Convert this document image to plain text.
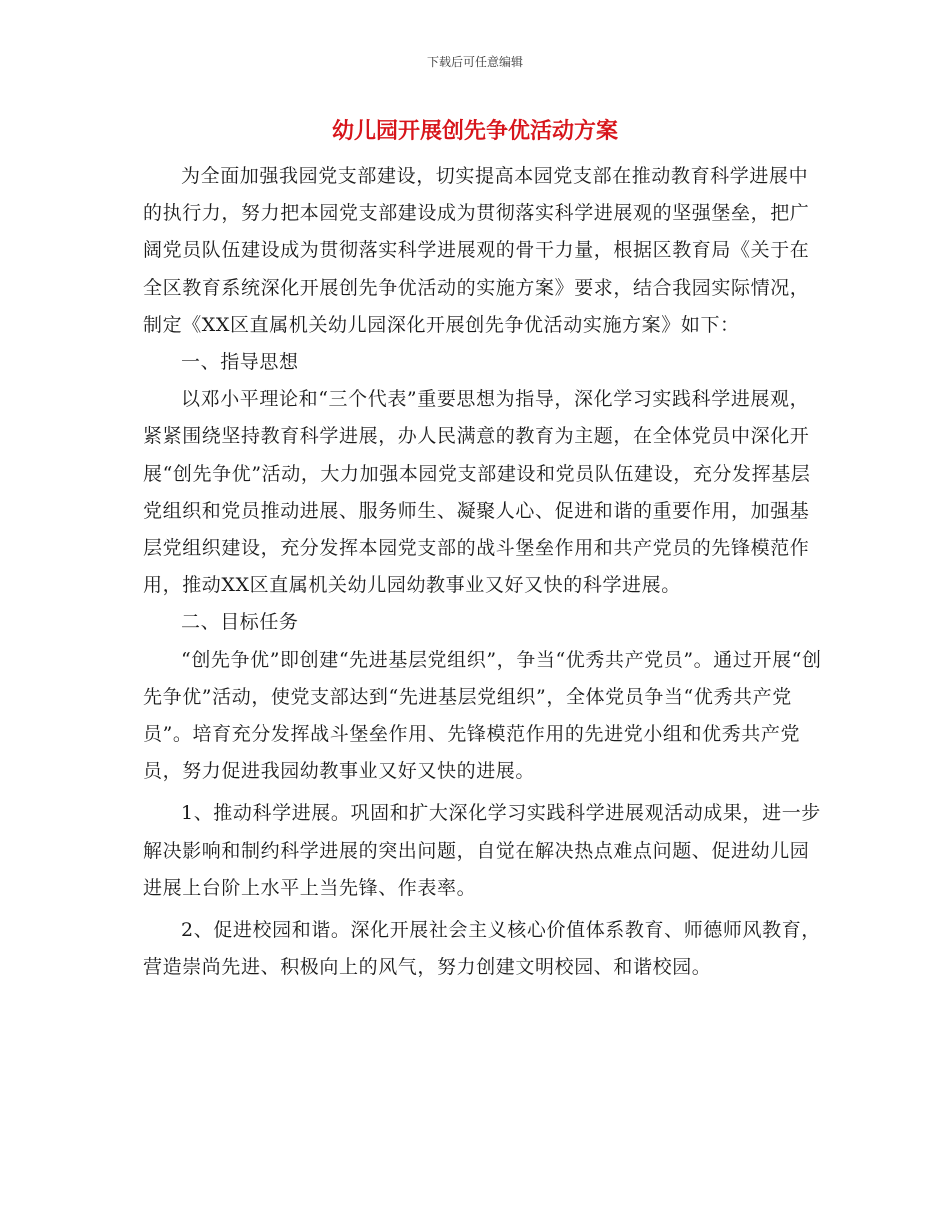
下载后可任意编辑
幼儿园开展创先争优活动方案

为全面加强我园党支部建设，切实提高本园党支部在推动教育科学进展中的执行力，努力把本园党支部建设成为贯彻落实科学进展观的坚强堡垒，把广阔党员队伍建设成为贯彻落实科学进展观的骨干力量，根据区教育局《关于在全区教育系统深化开展创先争优活动的实施方案》要求，结合我园实际情况，制定《XX区直属机关幼儿园深化开展创先争优活动实施方案》如下：

一、指导思想

以邓小平理论和“三个代表”重要思想为指导，深化学习实践科学进展观，紧紧围绕坚持教育科学进展，办人民满意的教育为主题，在全体党员中深化开展“创先争优”活动，大力加强本园党支部建设和党员队伍建设，充分发挥基层党组织和党员推动进展、服务师生、凝聚人心、促进和谐的重要作用，加强基层党组织建设，充分发挥本园党支部的战斗堡垒作用和共产党员的先锋模范作用，推动XX区直属机关幼儿园幼教事业又好又快的科学进展。

二、目标任务

“创先争优”即创建“先进基层党组织”，争当“优秀共产党员”。通过开展“创先争优”活动，使党支部达到“先进基层党组织”，全体党员争当“优秀共产党员”。培育充分发挥战斗堡垒作用、先锋模范作用的先进党小组和优秀共产党员，努力促进我园幼教事业又好又快的进展。

1、推动科学进展。巩固和扩大深化学习实践科学进展观活动成果，进一步解决影响和制约科学进展的突出问题，自觉在解决热点难点问题、促进幼儿园进展上台阶上水平上当先锋、作表率。

2、促进校园和谐。深化开展社会主义核心价值体系教育、师德师风教育，营造崇尚先进、积极向上的风气，努力创建文明校园、和谐校园。
